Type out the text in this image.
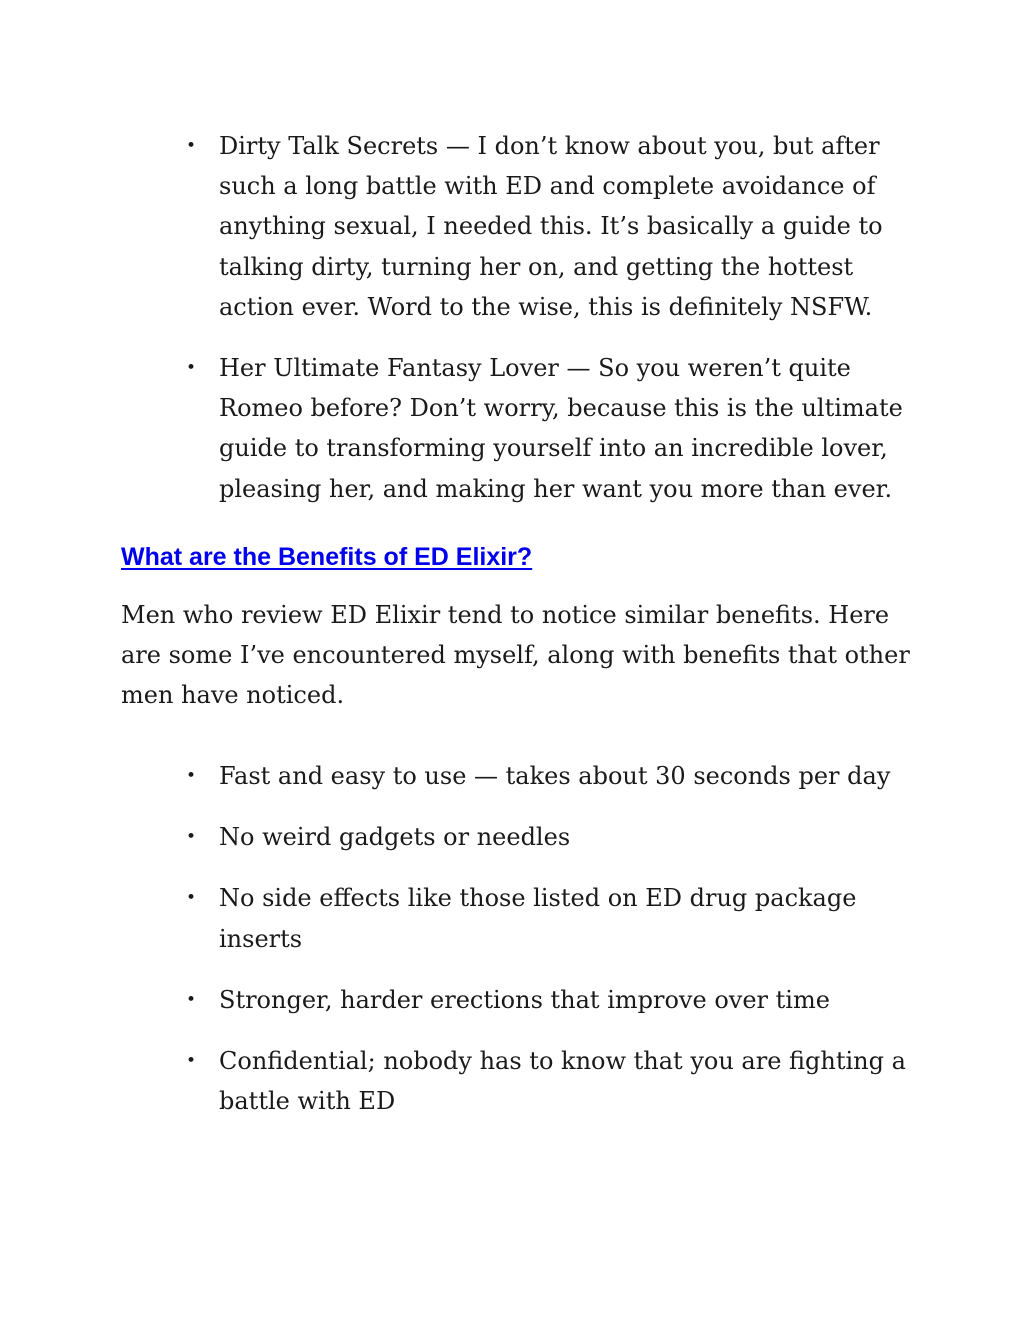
• Dirty Talk Secrets — I don’t know about you, but after such a long battle with ED and complete avoidance of anything sexual, I needed this. It’s basically a guide to talking dirty, turning her on, and getting the hottest action ever. Word to the wise, this is definitely NSFW.
• Her Ultimate Fantasy Lover — So you weren’t quite Romeo before? Don’t worry, because this is the ultimate guide to transforming yourself into an incredible lover, pleasing her, and making her want you more than ever.
What are the Benefits of ED Elixir?

Men who review ED Elixir tend to notice similar benefits. Here are some I’ve encountered myself, along with benefits that other men have noticed.

• Fast and easy to use — takes about 30 seconds per day
• No weird gadgets or needles
• No side effects like those listed on ED drug package inserts
• Stronger, harder erections that improve over time
• Confidential; nobody has to know that you are fighting a battle with ED
